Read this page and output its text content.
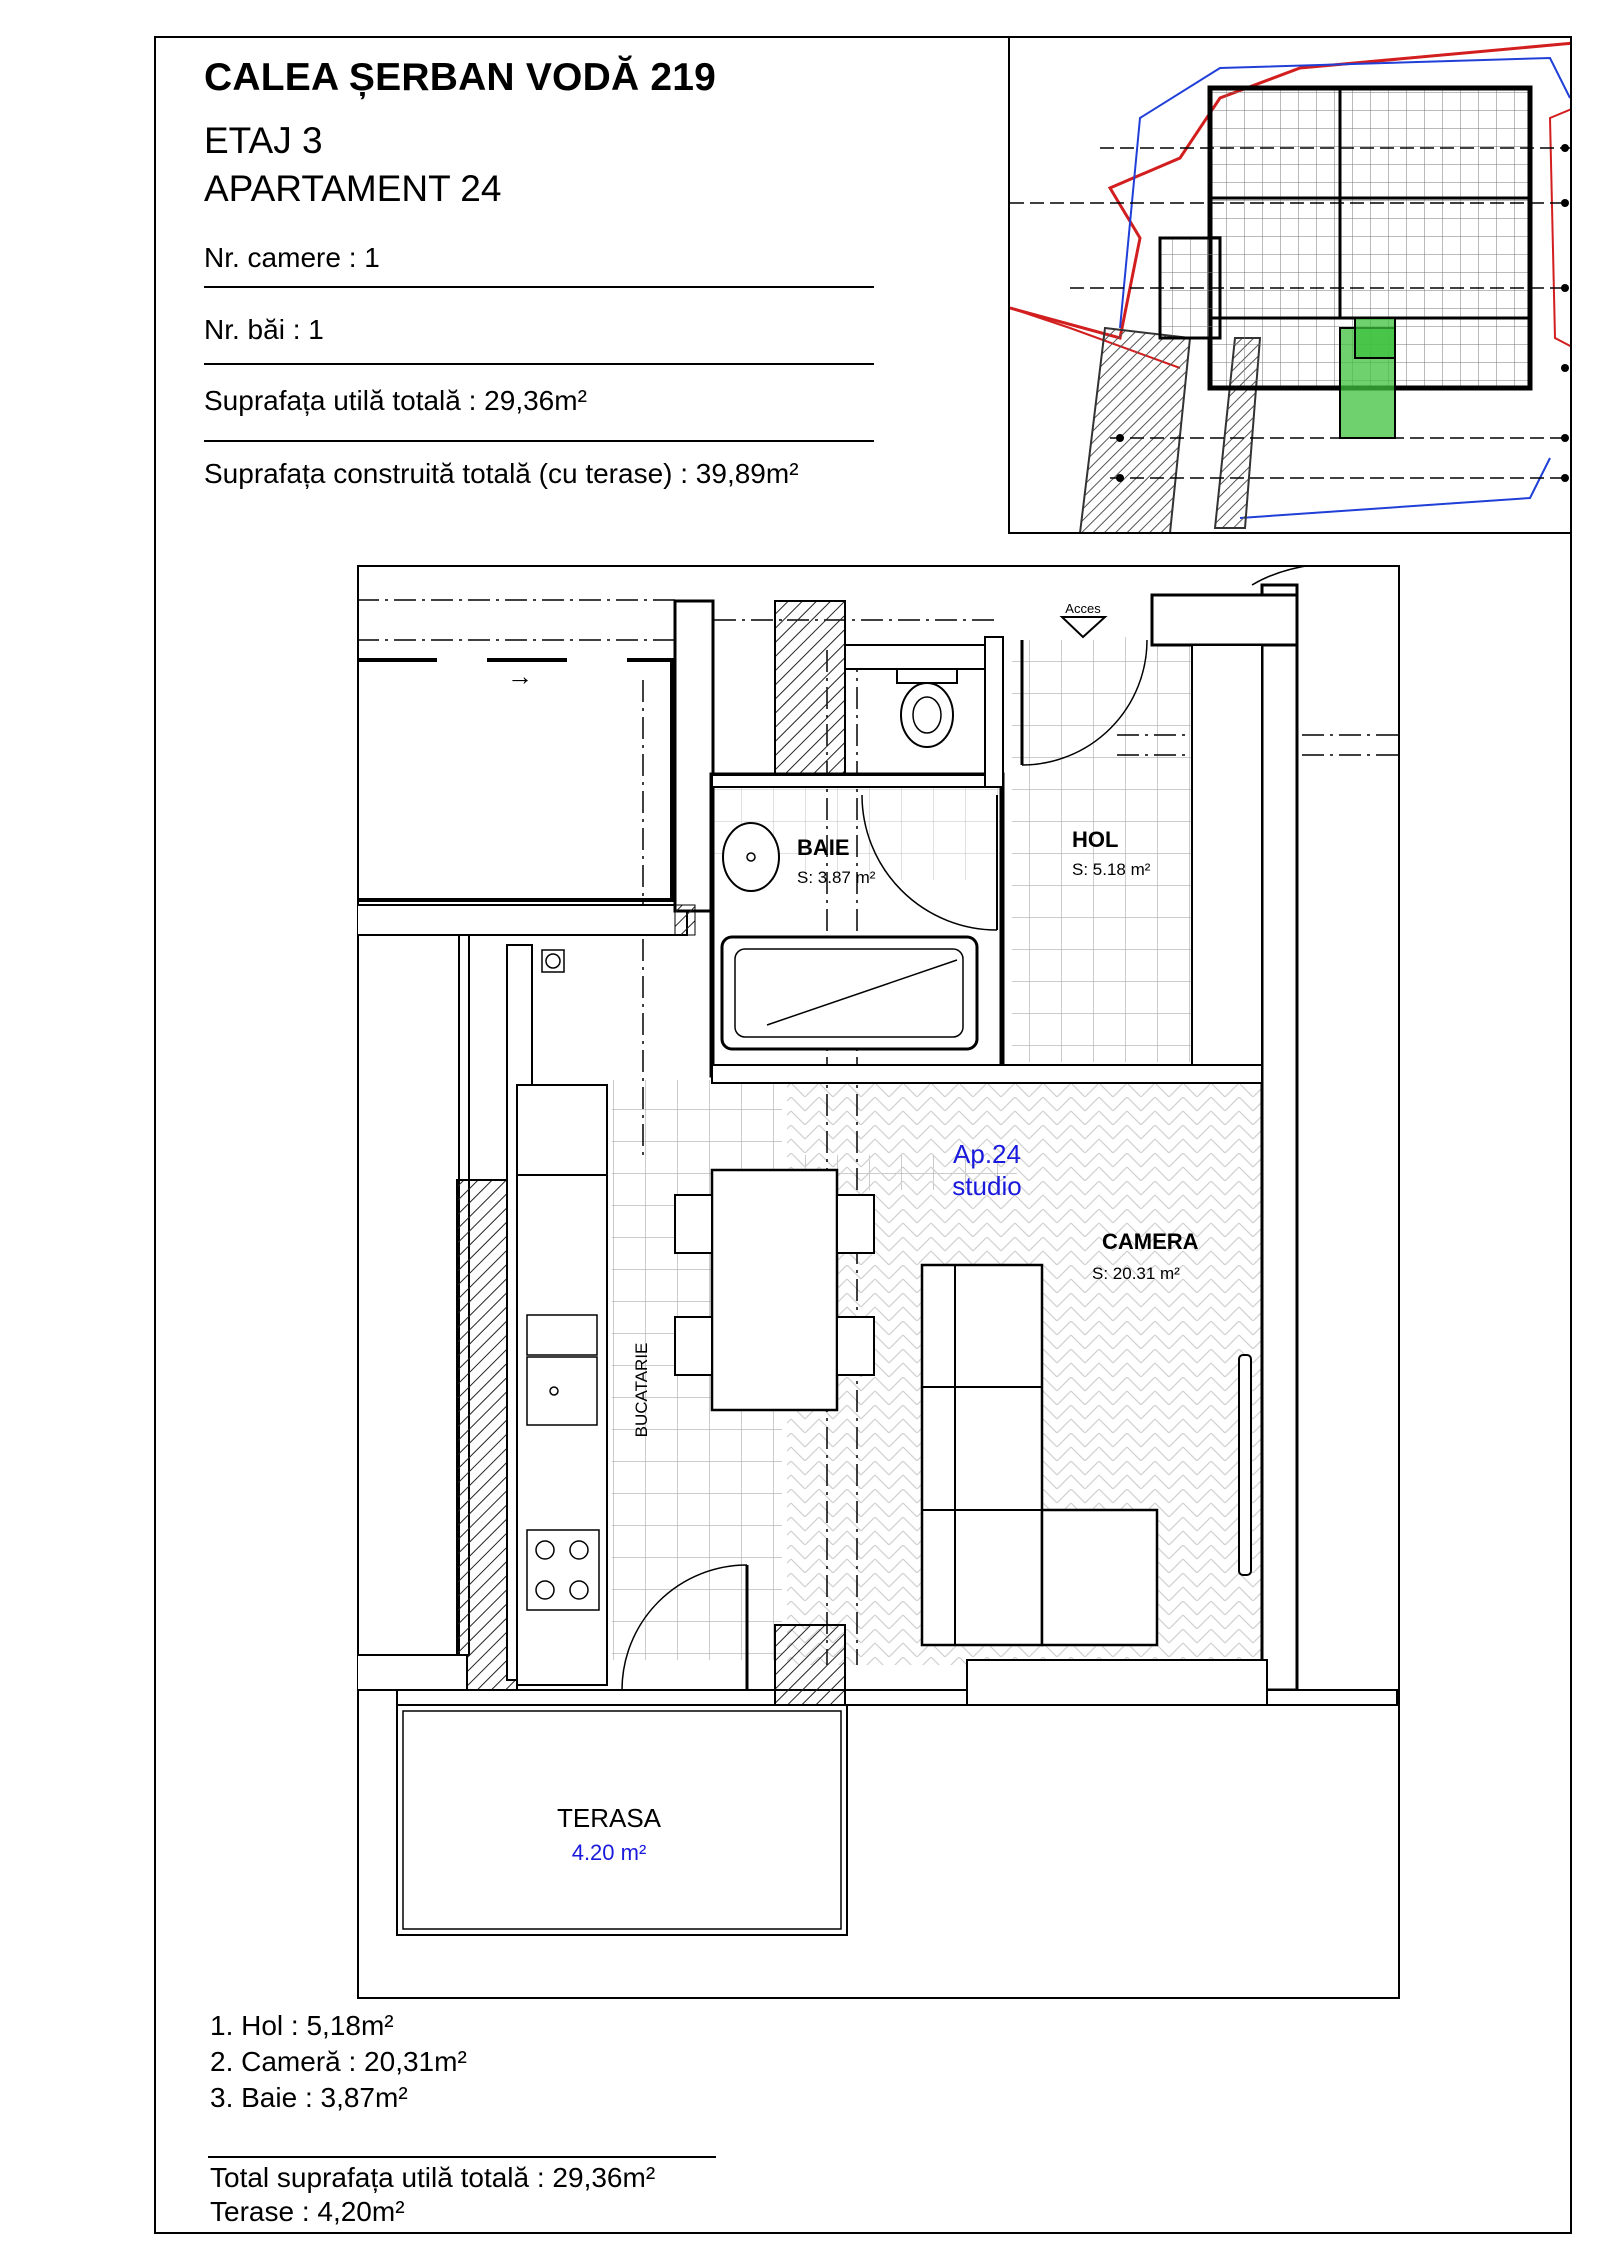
CALEA ȘERBAN VODĂ 219
ETAJ 3
APARTAMENT 24
Nr. camere : 1
Nr. băi : 1
Suprafața utilă totală : 29,36m²
Suprafața construită totală (cu terase) : 39,89m²
→
Acces
BAIE
S: 3.87 m²
HOL
S: 5.18 m²
Ap.24
studio
CAMERA
S: 20.31 m²
BUCATARIE
TERASA
4.20 m²
1. Hol : 5,18m²
2. Cameră : 20,31m²
3. Baie : 3,87m²
Total suprafața utilă totală : 29,36m²
Terase : 4,20m²
